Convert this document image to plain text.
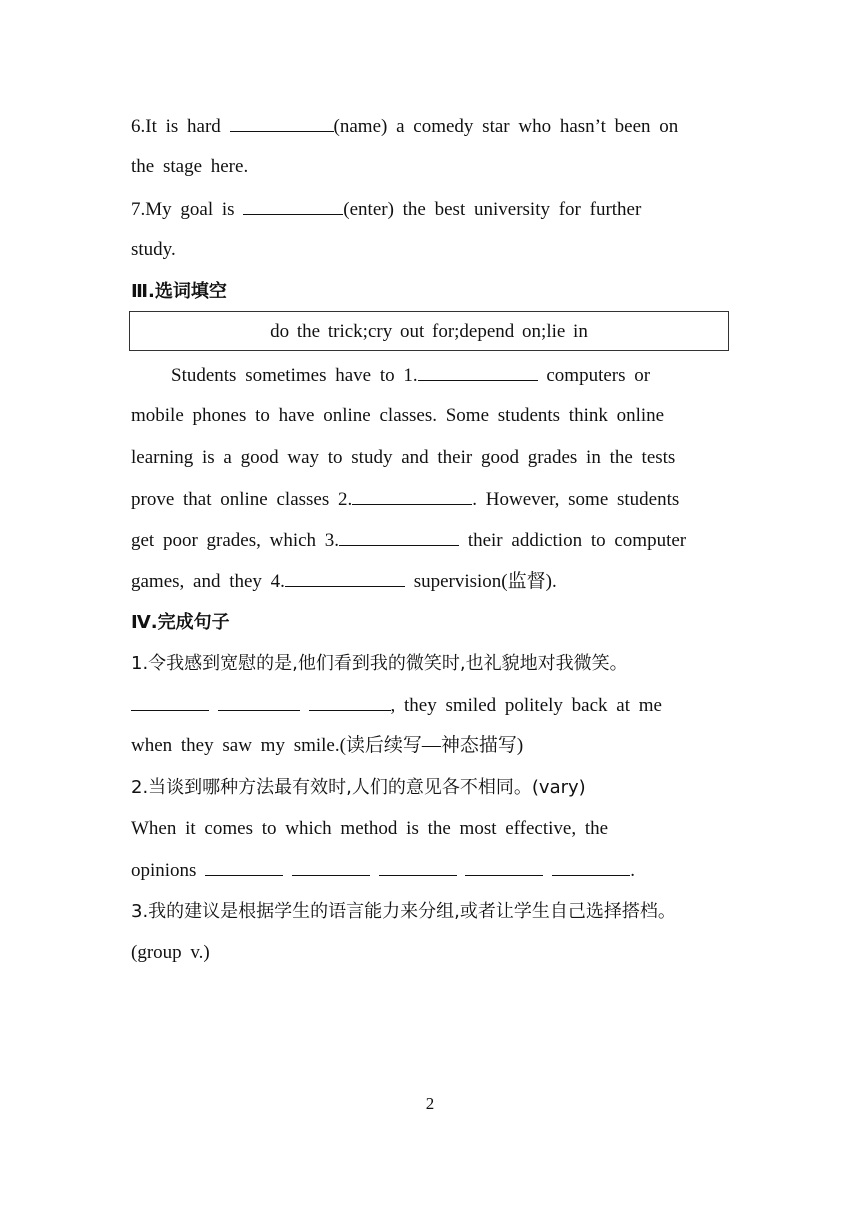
6.It is hard	(name) a comedy star who hasn’t been on
the stage here.
7.My goal is	(enter) the best university for further
study.
Ⅲ.选词填空
do the trick;cry out for;depend on;lie in
Students sometimes have to 1.	computers or
mobile phones to have online classes. Some students think online
learning is a good way to study and their good grades in the tests
prove that online classes 2.	. However, some students
get poor grades, which 3.	their addiction to computer
games, and they 4.	supervision(监督).
Ⅳ.完成句子
1.令我感到宽慰的是,他们看到我的微笑时,也礼貌地对我微笑。
, they smiled politely back at me
when they saw my smile.(读后续写—神态描写)
2.当谈到哪种方法最有效时,人们的意见各不相同。(vary)
When it comes to which method is the most effective, the
opinions	.
3.我的建议是根据学生的语言能力来分组,或者让学生自己选择搭档。
(group v.)
2
